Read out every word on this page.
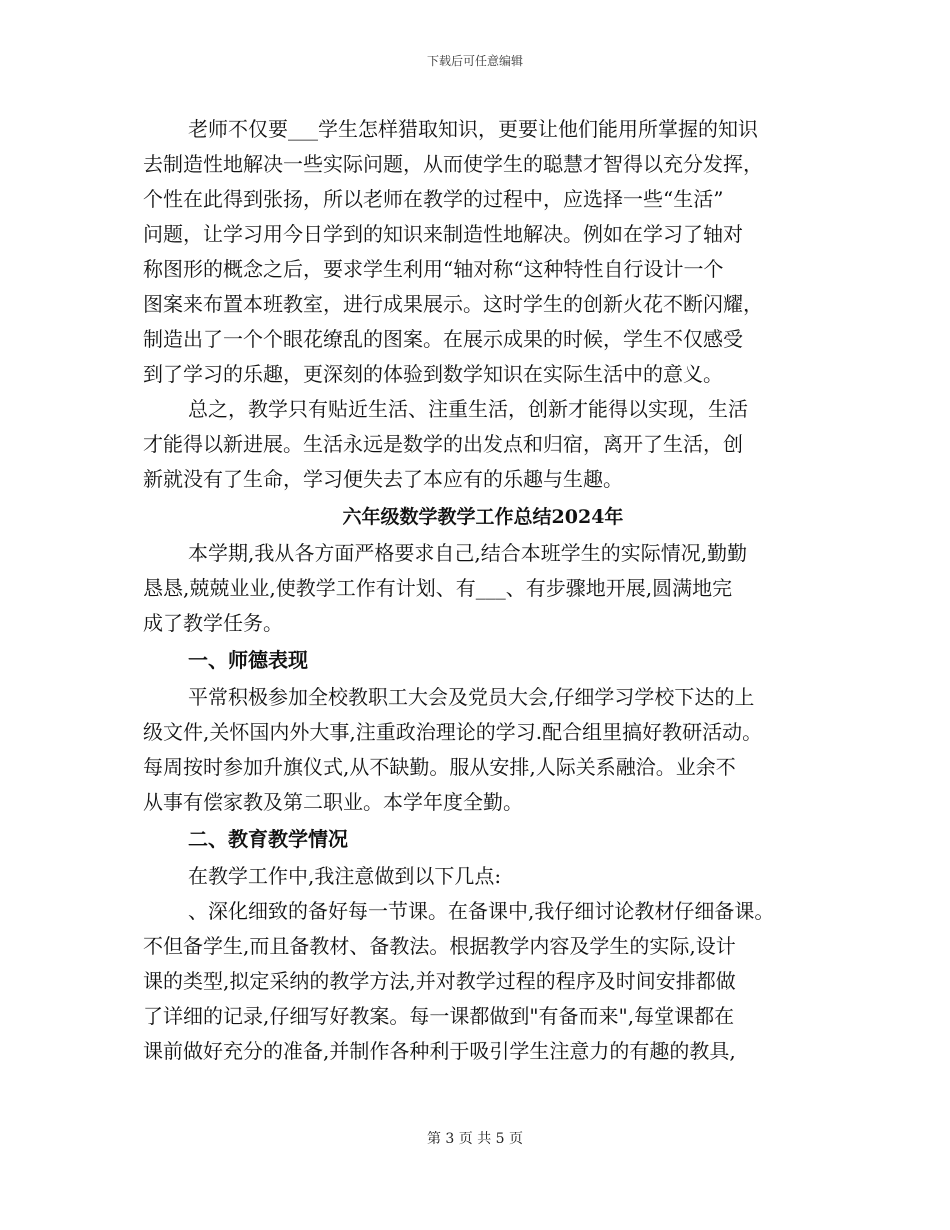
下载后可任意编辑
老师不仅要___学生怎样猎取知识，更要让他们能用所掌握的知识
去制造性地解决一些实际问题，从而使学生的聪慧才智得以充分发挥，
个性在此得到张扬，所以老师在教学的过程中，应选择一些“生活”
问题，让学习用今日学到的知识来制造性地解决。例如在学习了轴对
称图形的概念之后，要求学生利用“轴对称“这种特性自行设计一个
图案来布置本班教室，进行成果展示。这时学生的创新火花不断闪耀，
制造出了一个个眼花缭乱的图案。在展示成果的时候，学生不仅感受
到了学习的乐趣，更深刻的体验到数学知识在实际生活中的意义。
总之，教学只有贴近生活、注重生活，创新才能得以实现，生活
才能得以新进展。生活永远是数学的出发点和归宿，离开了生活，创
新就没有了生命，学习便失去了本应有的乐趣与生趣。
六年级数学教学工作总结2024年
本学期,我从各方面严格要求自己,结合本班学生的实际情况,勤勤
恳恳,兢兢业业,使教学工作有计划、有___、有步骤地开展,圆满地完
成了教学任务。
一、师德表现
平常积极参加全校教职工大会及党员大会,仔细学习学校下达的上
级文件,关怀国内外大事,注重政治理论的学习.配合组里搞好教研活动。
每周按时参加升旗仪式,从不缺勤。服从安排,人际关系融洽。业余不
从事有偿家教及第二职业。本学年度全勤。
二、教育教学情况
在教学工作中,我注意做到以下几点:
、深化细致的备好每一节课。在备课中,我仔细讨论教材仔细备课。
不但备学生,而且备教材、备教法。根据教学内容及学生的实际,设计
课的类型,拟定采纳的教学方法,并对教学过程的程序及时间安排都做
了详细的记录,仔细写好教案。每一课都做到"有备而来",每堂课都在
课前做好充分的准备,并制作各种利于吸引学生注意力的有趣的教具,
第 3 页 共 5 页
